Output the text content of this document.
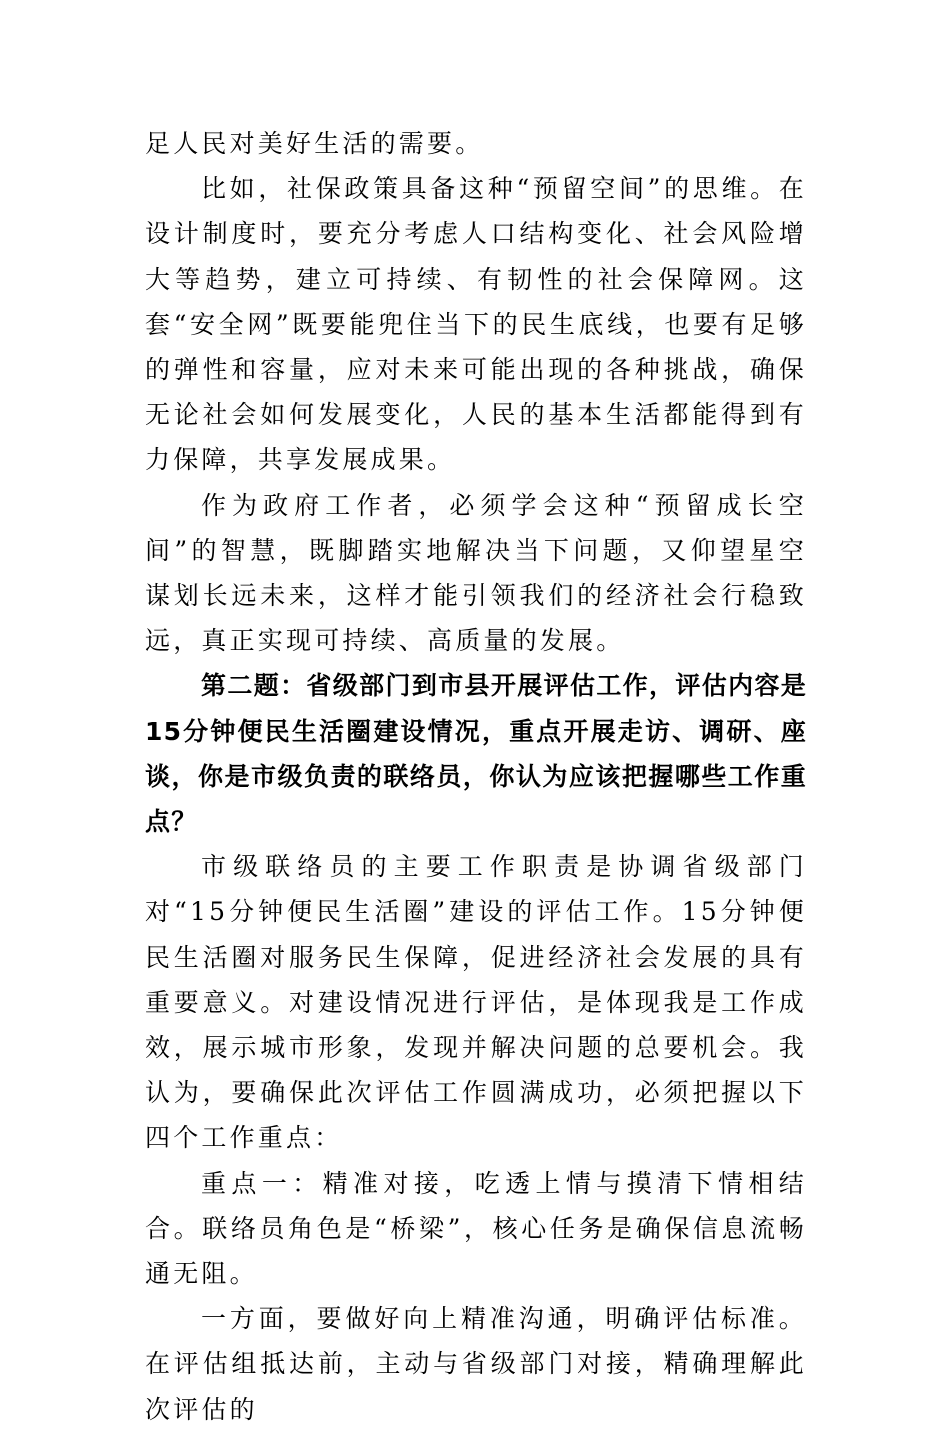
足人民对美好生活的需要。

比如，社保政策具备这种“预留空间”的思维。在设计制度时，要充分考虑人口结构变化、社会风险增大等趋势，建立可持续、有韧性的社会保障网。这套“安全网”既要能兜住当下的民生底线，也要有足够的弹性和容量，应对未来可能出现的各种挑战，确保无论社会如何发展变化，人民的基本生活都能得到有力保障，共享发展成果。

作为政府工作者，必须学会这种“预留成长空间”的智慧，既脚踏实地解决当下问题，又仰望星空谋划长远未来，这样才能引领我们的经济社会行稳致远，真正实现可持续、高质量的发展。

第二题：省级部门到市县开展评估工作，评估内容是15分钟便民生活圈建设情况，重点开展走访、调研、座谈，你是市级负责的联络员，你认为应该把握哪些工作重点？

市级联络员的主要工作职责是协调省级部门对“15分钟便民生活圈”建设的评估工作。15分钟便民生活圈对服务民生保障，促进经济社会发展的具有重要意义。对建设情况进行评估，是体现我是工作成效，展示城市形象，发现并解决问题的总要机会。我认为，要确保此次评估工作圆满成功，必须把握以下四个工作重点：

重点一：精准对接，吃透上情与摸清下情相结合。联络员角色是“桥梁”，核心任务是确保信息流畅通无阻。

一方面，要做好向上精准沟通，明确评估标准。在评估组抵达前，主动与省级部门对接，精确理解此次评估的
